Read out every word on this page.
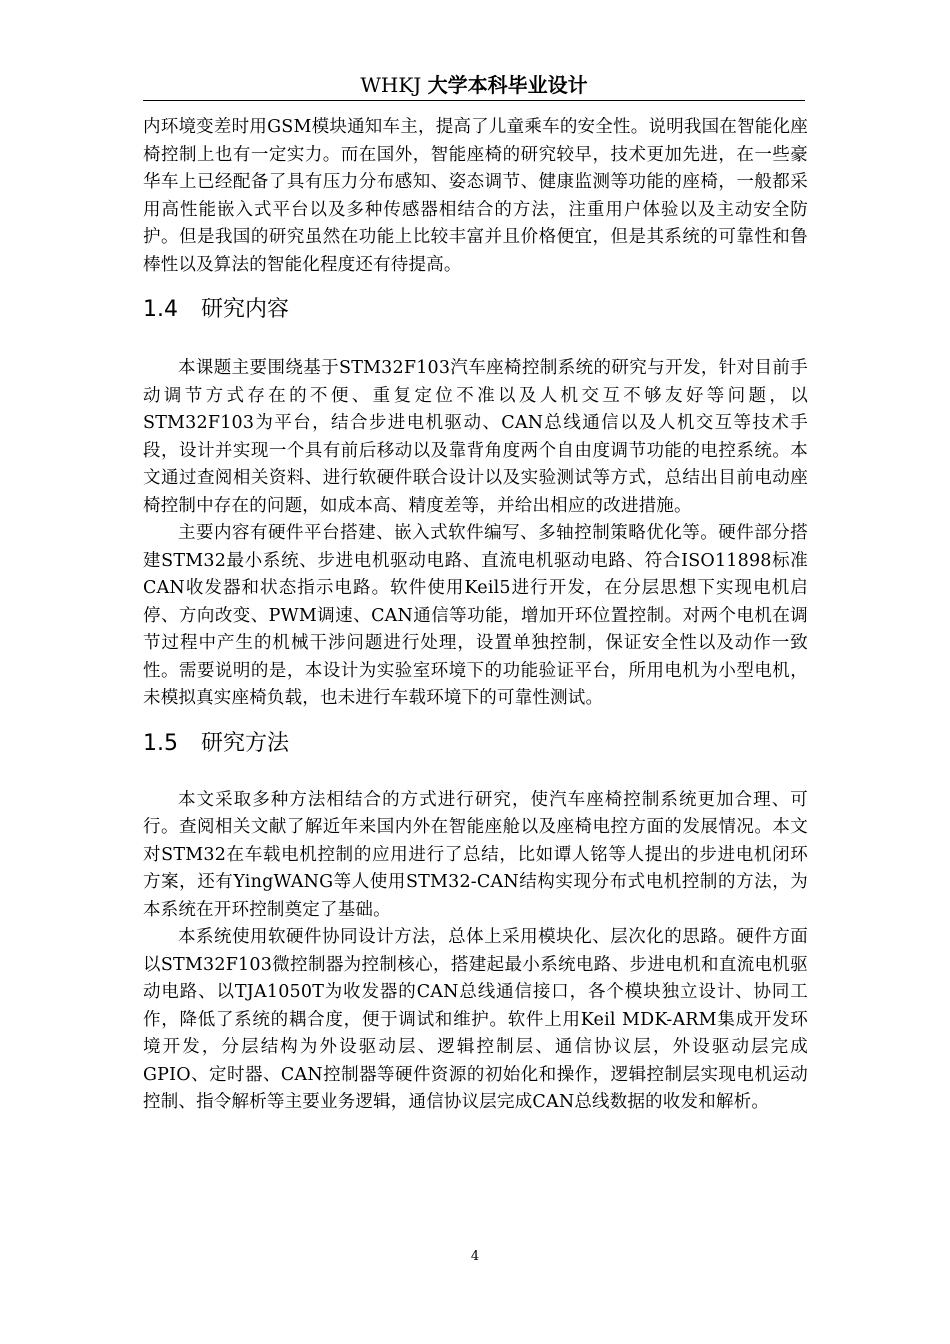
WHKJ 大学本科毕业设计

内环境变差时用GSM模块通知车主，提高了儿童乘车的安全性。说明我国在智能化座椅控制上也有一定实力。而在国外，智能座椅的研究较早，技术更加先进，在一些豪华车上已经配备了具有压力分布感知、姿态调节、健康监测等功能的座椅，一般都采用高性能嵌入式平台以及多种传感器相结合的方法，注重用户体验以及主动安全防护。但是我国的研究虽然在功能上比较丰富并且价格便宜，但是其系统的可靠性和鲁棒性以及算法的智能化程度还有待提高。

1.4 研究内容

本课题主要围绕基于STM32F103汽车座椅控制系统的研究与开发，针对目前手动调节方式存在的不便、重复定位不准以及人机交互不够友好等问题，以STM32F103为平台，结合步进电机驱动、CAN总线通信以及人机交互等技术手段，设计并实现一个具有前后移动以及靠背角度两个自由度调节功能的电控系统。本文通过查阅相关资料、进行软硬件联合设计以及实验测试等方式，总结出目前电动座椅控制中存在的问题，如成本高、精度差等，并给出相应的改进措施。

主要内容有硬件平台搭建、嵌入式软件编写、多轴控制策略优化等。硬件部分搭建STM32最小系统、步进电机驱动电路、直流电机驱动电路、符合ISO11898标准CAN收发器和状态指示电路。软件使用Keil5进行开发，在分层思想下实现电机启停、方向改变、PWM调速、CAN通信等功能，增加开环位置控制。对两个电机在调节过程中产生的机械干涉问题进行处理，设置单独控制，保证安全性以及动作一致性。需要说明的是，本设计为实验室环境下的功能验证平台，所用电机为小型电机，未模拟真实座椅负载，也未进行车载环境下的可靠性测试。

1.5 研究方法

本文采取多种方法相结合的方式进行研究，使汽车座椅控制系统更加合理、可行。查阅相关文献了解近年来国内外在智能座舱以及座椅电控方面的发展情况。本文对STM32在车载电机控制的应用进行了总结，比如谭人铭等人提出的步进电机闭环方案，还有YingWANG等人使用STM32-CAN结构实现分布式电机控制的方法，为本系统在开环控制奠定了基础。

本系统使用软硬件协同设计方法，总体上采用模块化、层次化的思路。硬件方面以STM32F103微控制器为控制核心，搭建起最小系统电路、步进电机和直流电机驱动电路、以TJA1050T为收发器的CAN总线通信接口，各个模块独立设计、协同工作，降低了系统的耦合度，便于调试和维护。软件上用Keil MDK-ARM集成开发环境开发，分层结构为外设驱动层、逻辑控制层、通信协议层，外设驱动层完成GPIO、定时器、CAN控制器等硬件资源的初始化和操作，逻辑控制层实现电机运动控制、指令解析等主要业务逻辑，通信协议层完成CAN总线数据的收发和解析。

4
